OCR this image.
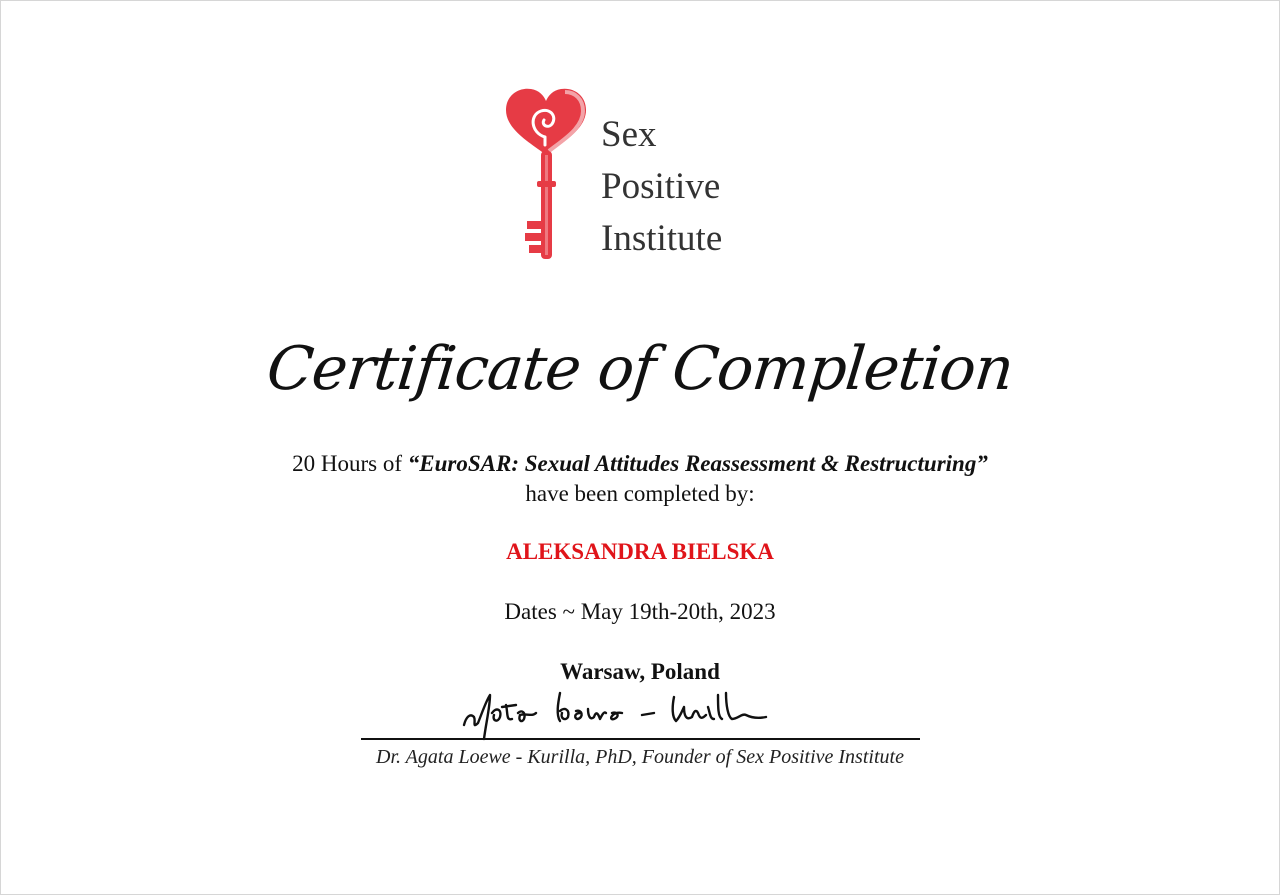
Sex
Positive
Institute
Certificate of Completion
20 Hours of “EuroSAR: Sexual Attitudes Reassessment & Restructuring”
have been completed by:
ALEKSANDRA BIELSKA
Dates ~ May 19th-20th, 2023
Warsaw, Poland
Dr. Agata Loewe - Kurilla, PhD, Founder of Sex Positive Institute
